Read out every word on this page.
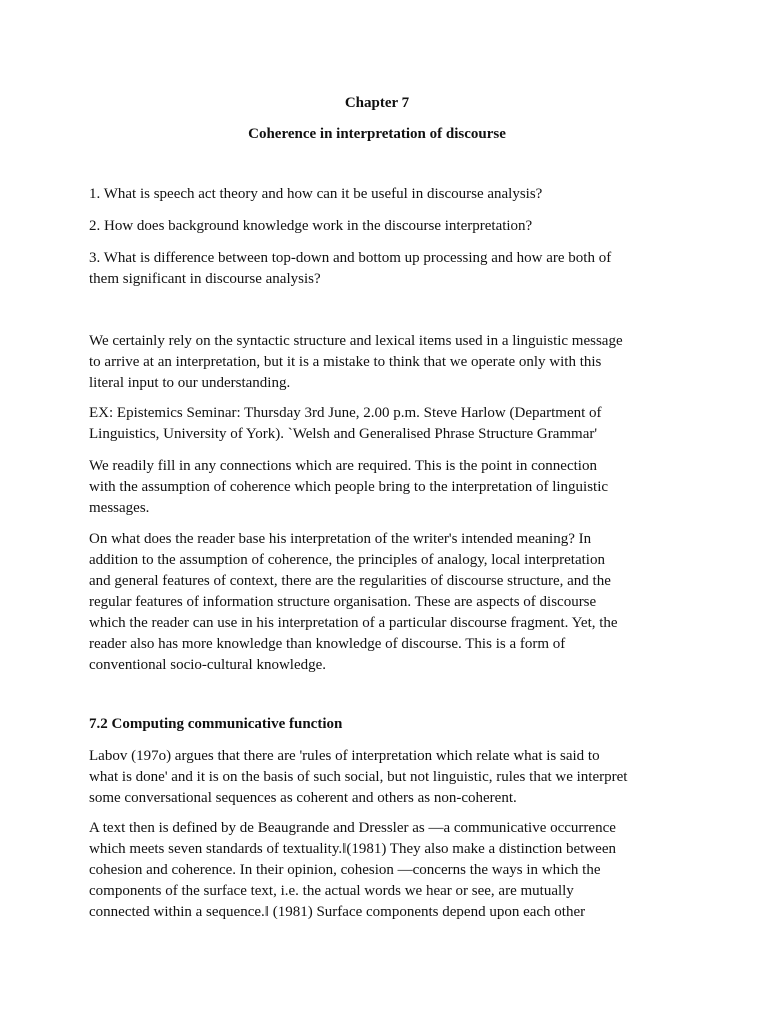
Chapter 7
Coherence in interpretation of discourse

1. What is speech act theory and how can it be useful in discourse analysis?

2. How does background knowledge work in the discourse interpretation?

3. What is difference between top-down and bottom up processing and how are both of
them significant in discourse analysis?

We certainly rely on the syntactic structure and lexical items used in a linguistic message
to arrive at an interpretation, but it is a mistake to think that we operate only with this
literal input to our understanding.

EX: Epistemics Seminar: Thursday 3rd June, 2.00 p.m. Steve Harlow (Department of
Linguistics, University of York). `Welsh and Generalised Phrase Structure Grammar'

We readily fill in any connections which are required. This is the point in connection
with the assumption of coherence which people bring to the interpretation of linguistic
messages.

On what does the reader base his interpretation of the writer's intended meaning? In
addition to the assumption of coherence, the principles of analogy, local interpretation
and general features of context, there are the regularities of discourse structure, and the
regular features of information structure organisation. These are aspects of discourse
which the reader can use in his interpretation of a particular discourse fragment. Yet, the
reader also has more knowledge than knowledge of discourse. This is a form of
conventional socio-cultural knowledge.

7.2 Computing communicative function

Labov (197o) argues that there are 'rules of interpretation which relate what is said to
what is done' and it is on the basis of such social, but not linguistic, rules that we interpret
some conversational sequences as coherent and others as non-coherent.

A text then is defined by de Beaugrande and Dressler as —a communicative occurrence
which meets seven standards of textuality.‖(1981) They also make a distinction between
cohesion and coherence. In their opinion, cohesion —concerns the ways in which the
components of the surface text, i.e. the actual words we hear or see, are mutually
connected within a sequence.‖ (1981) Surface components depend upon each other
